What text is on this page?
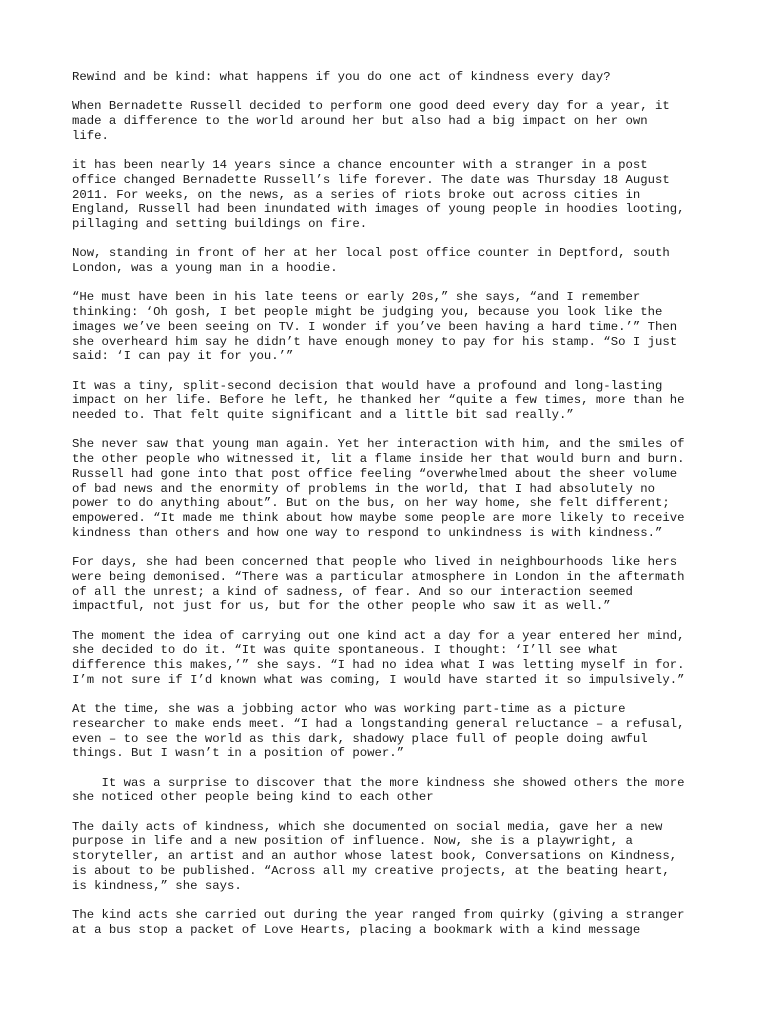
Rewind and be kind: what happens if you do one act of kindness every day?

When Bernadette Russell decided to perform one good deed every day for a year, it
made a difference to the world around her but also had a big impact on her own
life.

it has been nearly 14 years since a chance encounter with a stranger in a post
office changed Bernadette Russell’s life forever. The date was Thursday 18 August
2011. For weeks, on the news, as a series of riots broke out across cities in
England, Russell had been inundated with images of young people in hoodies looting,
pillaging and setting buildings on fire.

Now, standing in front of her at her local post office counter in Deptford, south
London, was a young man in a hoodie.

“He must have been in his late teens or early 20s,” she says, “and I remember
thinking: ‘Oh gosh, I bet people might be judging you, because you look like the
images we’ve been seeing on TV. I wonder if you’ve been having a hard time.’” Then
she overheard him say he didn’t have enough money to pay for his stamp. “So I just
said: ‘I can pay it for you.’”

It was a tiny, split-second decision that would have a profound and long-lasting
impact on her life. Before he left, he thanked her “quite a few times, more than he
needed to. That felt quite significant and a little bit sad really.”

She never saw that young man again. Yet her interaction with him, and the smiles of
the other people who witnessed it, lit a flame inside her that would burn and burn.
Russell had gone into that post office feeling “overwhelmed about the sheer volume
of bad news and the enormity of problems in the world, that I had absolutely no
power to do anything about”. But on the bus, on her way home, she felt different;
empowered. “It made me think about how maybe some people are more likely to receive
kindness than others and how one way to respond to unkindness is with kindness.”

For days, she had been concerned that people who lived in neighbourhoods like hers
were being demonised. “There was a particular atmosphere in London in the aftermath
of all the unrest; a kind of sadness, of fear. And so our interaction seemed
impactful, not just for us, but for the other people who saw it as well.”

The moment the idea of carrying out one kind act a day for a year entered her mind,
she decided to do it. “It was quite spontaneous. I thought: ‘I’ll see what
difference this makes,’” she says. “I had no idea what I was letting myself in for.
I’m not sure if I’d known what was coming, I would have started it so impulsively.”

At the time, she was a jobbing actor who was working part-time as a picture
researcher to make ends meet. “I had a longstanding general reluctance – a refusal,
even – to see the world as this dark, shadowy place full of people doing awful
things. But I wasn’t in a position of power.”

It was a surprise to discover that the more kindness she showed others the more
she noticed other people being kind to each other

The daily acts of kindness, which she documented on social media, gave her a new
purpose in life and a new position of influence. Now, she is a playwright, a
storyteller, an artist and an author whose latest book, Conversations on Kindness,
is about to be published. “Across all my creative projects, at the beating heart,
is kindness,” she says.

The kind acts she carried out during the year ranged from quirky (giving a stranger
at a bus stop a packet of Love Hearts, placing a bookmark with a kind message
